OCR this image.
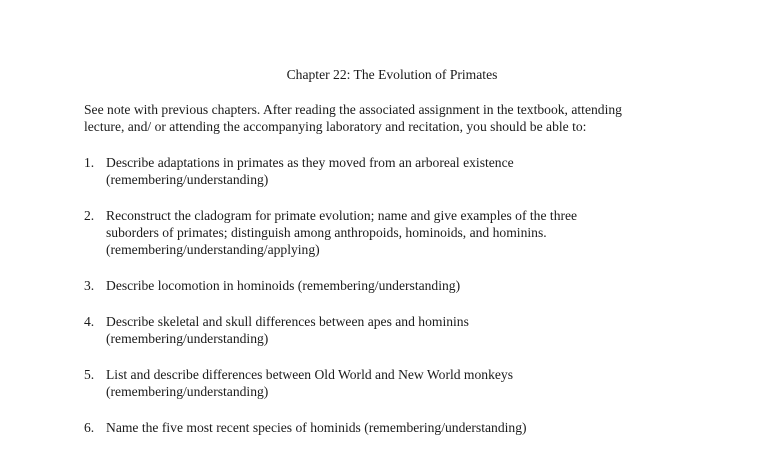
Chapter 22: The Evolution of Primates
See note with previous chapters. After reading the associated assignment in the textbook, attending
lecture, and/ or attending the accompanying laboratory and recitation, you should be able to:
1. Describe adaptations in primates as they moved from an arboreal existence
(remembering/understanding)
2. Reconstruct the cladogram for primate evolution; name and give examples of the three
suborders of primates; distinguish among anthropoids, hominoids, and hominins.
(remembering/understanding/applying)
3. Describe locomotion in hominoids (remembering/understanding)
4. Describe skeletal and skull differences between apes and hominins
(remembering/understanding)
5. List and describe differences between Old World and New World monkeys
(remembering/understanding)
6. Name the five most recent species of hominids (remembering/understanding)
